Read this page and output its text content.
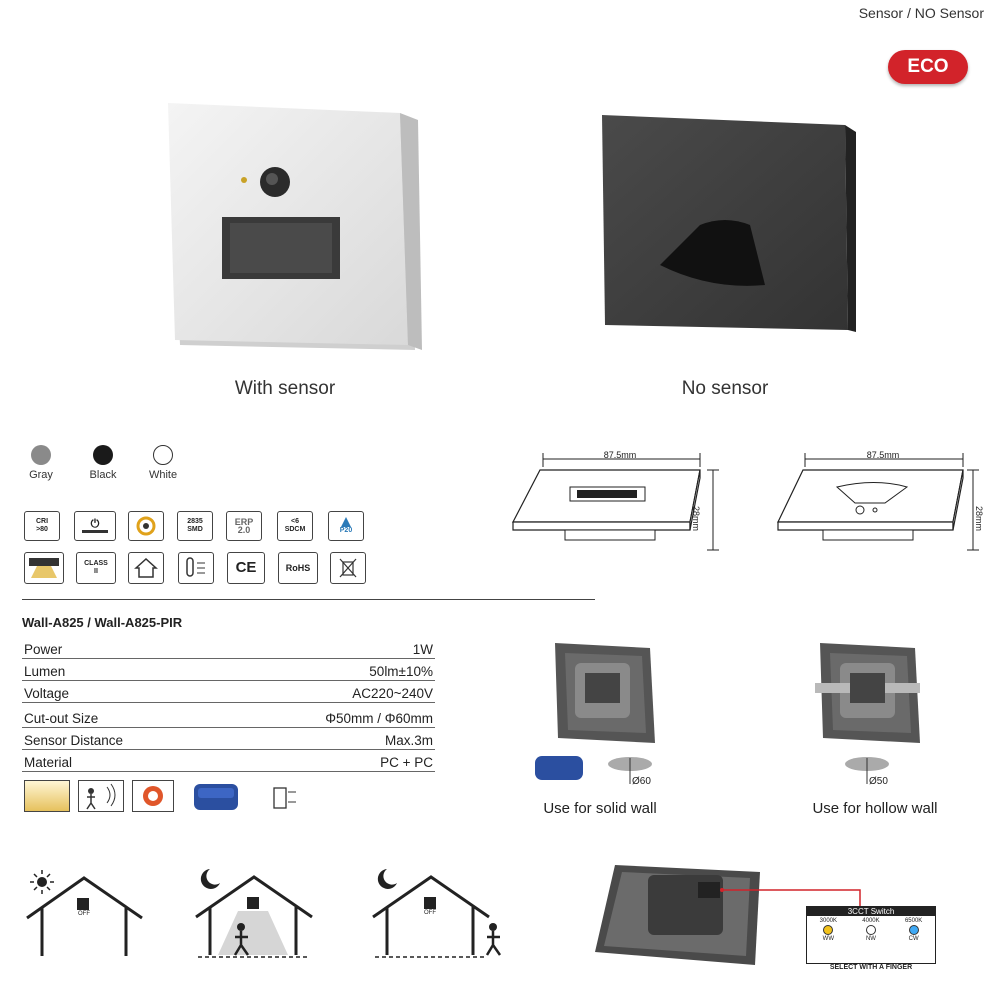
Sensor / NO Sensor
ECO
With sensor	No sensor
Gray	Black	White
CRI
>80	⏻	2835
SMD
ERP
2.0
<6
SDCM	P20
CLASS
II	CE	RoHS
87.5mm
28mm
87.5mm
28mm
Wall-A825 / Wall-A825-PIR
Power	1W
Lumen	50lm±10%
Voltage	AC220~240V
Cut-out Size	Φ50mm / Φ60mm
Sensor Distance	Max.3m
Material	PC + PC
Ø60	Ø50
Use for solid wall	Use for hollow wall
OFF	OFF	3CCT Switch
3000K
WW
4000K
NW
6500K
CW
SELECT WITH A FINGER
